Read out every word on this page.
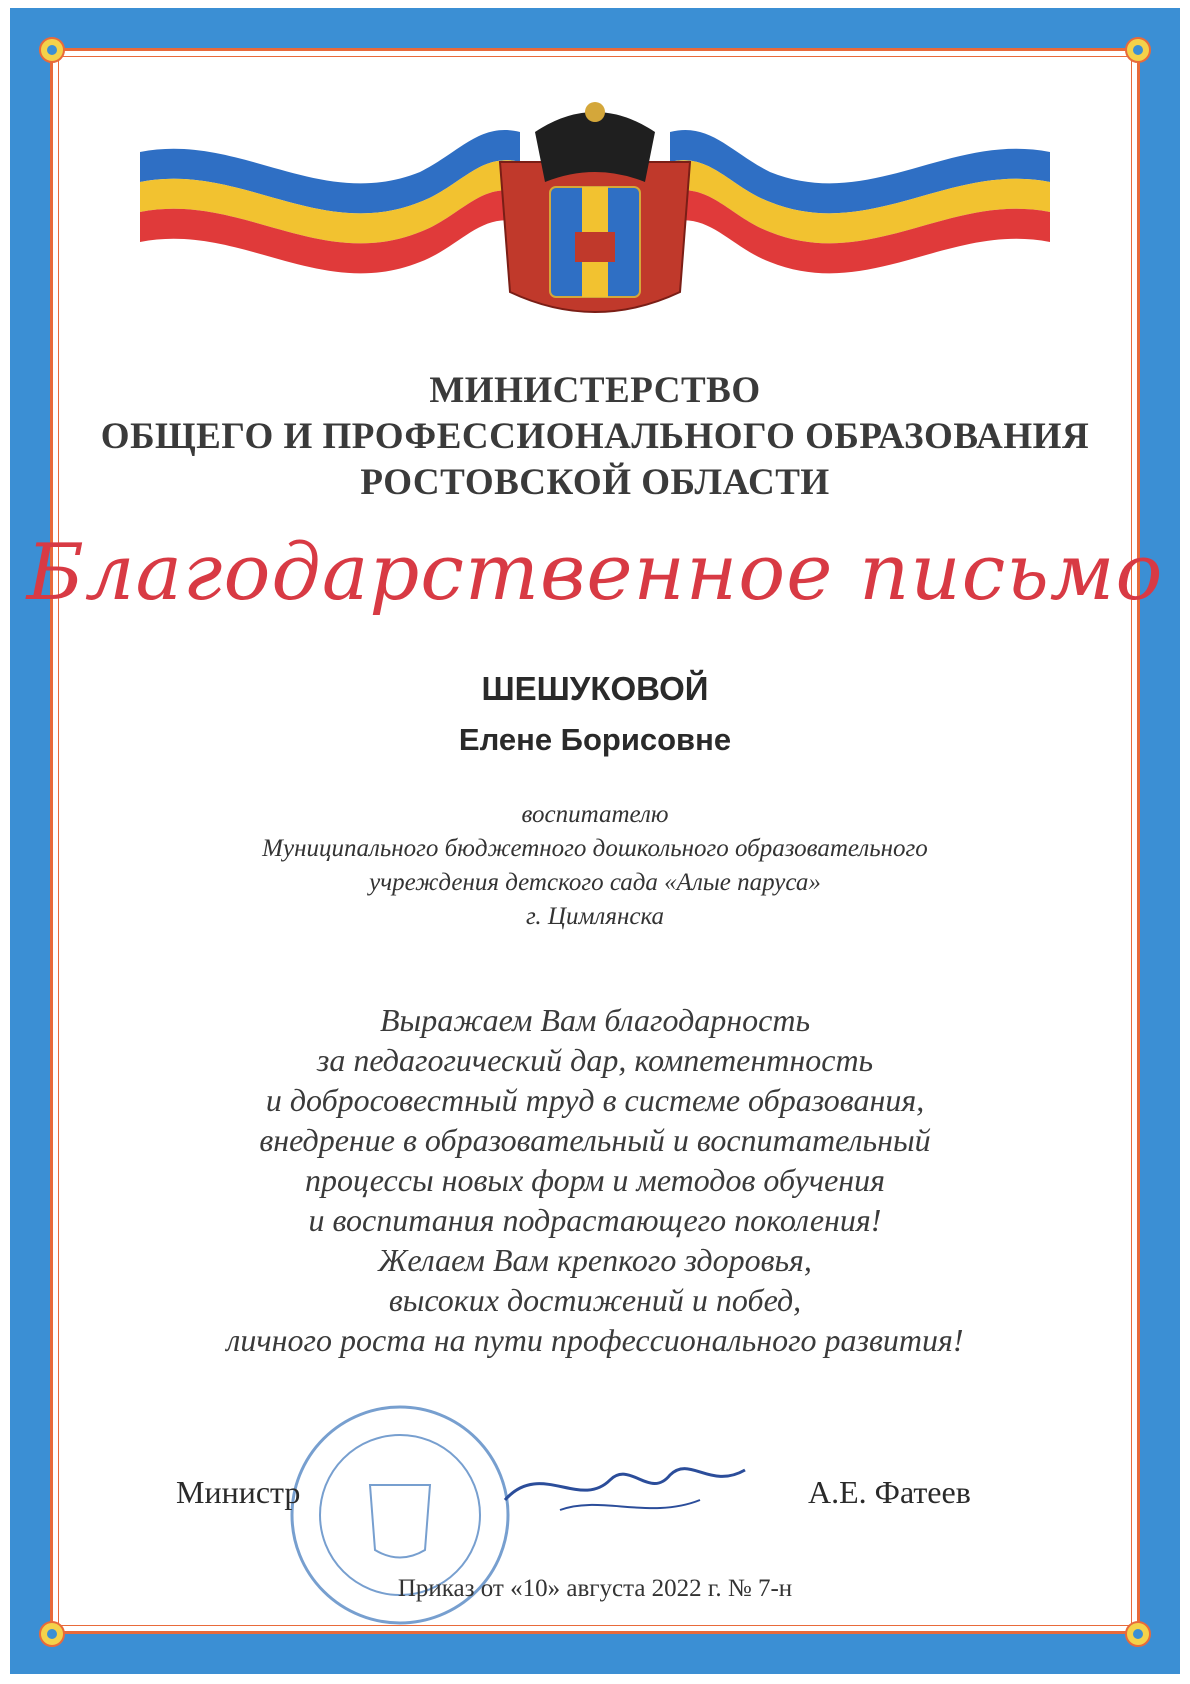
МИНИСТЕРСТВО
ОБЩЕГО И ПРОФЕССИОНАЛЬНОГО ОБРАЗОВАНИЯ
РОСТОВСКОЙ ОБЛАСТИ
Благодарственное письмо
ШЕШУКОВОЙ
Елене Борисовне
воспитателю
Муниципального бюджетного дошкольного образовательного
учреждения детского сада «Алые паруса»
г. Цимлянска
Выражаем Вам благодарность
за педагогический дар, компетентность
и добросовестный труд в системе образования,
внедрение в образовательный и воспитательный
процессы новых форм и методов обучения
и воспитания подрастающего поколения!
Желаем Вам крепкого здоровья,
высоких достижений и побед,
личного роста на пути профессионального развития!
Министр	А.Е. Фатеев
Приказ от «10» августа 2022 г. № 7-н
